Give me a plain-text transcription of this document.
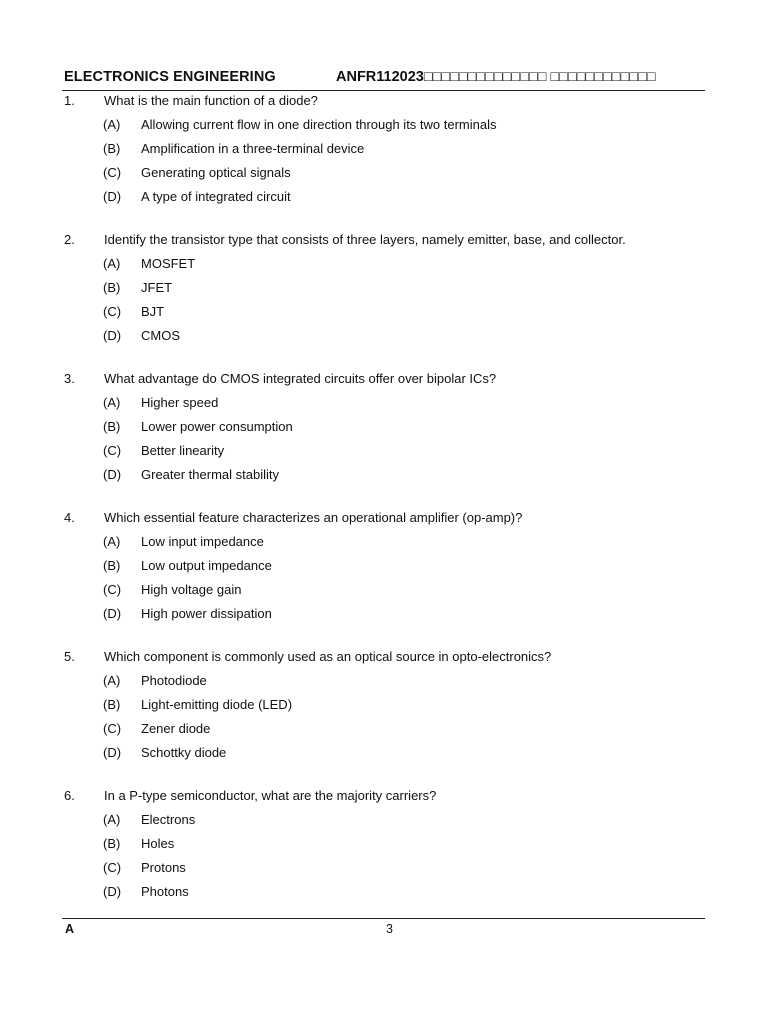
ELECTRONICS ENGINEERING	ANFR112023□□□□□□□□□□□□□□ □□□□□□□□□□□□
1. What is the main function of a diode?
(A) Allowing current flow in one direction through its two terminals
(B) Amplification in a three-terminal device
(C) Generating optical signals
(D) A type of integrated circuit
2. Identify the transistor type that consists of three layers, namely emitter, base, and collector.
(A) MOSFET
(B) JFET
(C) BJT
(D) CMOS
3. What advantage do CMOS integrated circuits offer over bipolar ICs?
(A) Higher speed
(B) Lower power consumption
(C) Better linearity
(D) Greater thermal stability
4. Which essential feature characterizes an operational amplifier (op-amp)?
(A) Low input impedance
(B) Low output impedance
(C) High voltage gain
(D) High power dissipation
5. Which component is commonly used as an optical source in opto-electronics?
(A) Photodiode
(B) Light-emitting diode (LED)
(C) Zener diode
(D) Schottky diode
6. In a P-type semiconductor, what are the majority carriers?
(A) Electrons
(B) Holes
(C) Protons
(D) Photons
A	3
